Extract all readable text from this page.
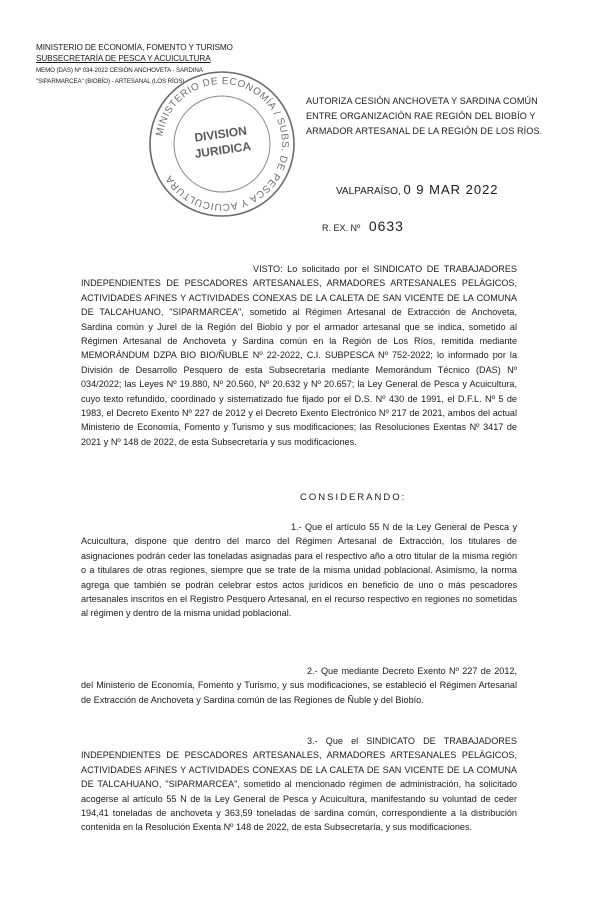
MINISTERIO DE ECONOMÍA, FOMENTO Y TURISMO
SUBSECRETARÍA DE PESCA Y ACUICULTURA
MEMO (DAS) Nº 034-2022 CESIÓN ANCHOVETA - SARDINA
"SIPARMARCEA" (BIOBÍO) - ARTESANAL (LOS RÍOS)
MINISTERIO DE ECONOMÍA / SUBS. DE PESCA Y ACUICULTURA
DIVISION
JURIDICA
AUTORIZA CESIÓN ANCHOVETA Y SARDINA COMÚN ENTRE ORGANIZACIÓN RAE REGIÓN DEL BIOBÍO Y ARMADOR ARTESANAL DE LA REGIÓN DE LOS RÍOS.
VALPARAÍSO, 0 9 MAR 2022
R. EX. Nº 0633
VISTO: Lo solicitado por el SINDICATO DE TRABAJADORES INDEPENDIENTES DE PESCADORES ARTESANALES, ARMADORES ARTESANALES PELÁGICOS, ACTIVIDADES AFINES Y ACTIVIDADES CONEXAS DE LA CALETA DE SAN VICENTE DE LA COMUNA DE TALCAHUANO, "SIPARMARCEA", sometido al Régimen Artesanal de Extracción de Anchoveta, Sardina común y Jurel de la Región del Biobío y por el armador artesanal que se indica, sometido al Régimen Artesanal de Anchoveta y Sardina común en la Región de Los Ríos, remitida mediante MEMORÁNDUM DZPA BIO BIO/ÑUBLE Nº 22-2022, C.I. SUBPESCA Nº 752-2022; lo informado por la División de Desarrollo Pesquero de esta Subsecretaría mediante Memorándum Técnico (DAS) Nº 034/2022; las Leyes Nº 19.880, Nº 20.560, Nº 20.632 y Nº 20.657; la Ley General de Pesca y Acuicultura, cuyo texto refundido, coordinado y sistematizado fue fijado por el D.S. Nº 430 de 1991, el D.F.L. Nº 5 de 1983, el Decreto Exento Nº 227 de 2012 y el Decreto Exento Electrónico Nº 217 de 2021, ambos del actual Ministerio de Economía, Fomento y Turismo y sus modificaciones; las Resoluciones Exentas Nº 3417 de 2021 y Nº 148 de 2022, de esta Subsecretaría y sus modificaciones.
CONSIDERANDO:
1.- Que el artículo 55 N de la Ley General de Pesca y Acuicultura, dispone que dentro del marco del Régimen Artesanal de Extracción, los titulares de asignaciones podrán ceder las toneladas asignadas para el respectivo año a otro titular de la misma región o a titulares de otras regiones, siempre que se trate de la misma unidad poblacional. Asimismo, la norma agrega que también se podrán celebrar estos actos jurídicos en beneficio de uno o más pescadores artesanales inscritos en el Registro Pesquero Artesanal, en el recurso respectivo en regiones no sometidas al régimen y dentro de la misma unidad poblacional.
2.- Que mediante Decreto Exento Nº 227 de 2012, del Ministerio de Economía, Fomento y Turismo, y sus modificaciones, se estableció el Régimen Artesanal de Extracción de Anchoveta y Sardina común de las Regiones de Ñuble y del Biobío.
3.- Que el SINDICATO DE TRABAJADORES INDEPENDIENTES DE PESCADORES ARTESANALES, ARMADORES ARTESANALES PELÁGICOS, ACTIVIDADES AFINES Y ACTIVIDADES CONEXAS DE LA CALETA DE SAN VICENTE DE LA COMUNA DE TALCAHUANO, "SIPARMARCEA", sometido al mencionado régimen de administración, ha solicitado acogerse al artículo 55 N de la Ley General de Pesca y Acuicultura, manifestando su voluntad de ceder 194,41 toneladas de anchoveta y 363,59 toneladas de sardina común, correspondiente a la distribución contenida en la Resolución Exenta Nº 148 de 2022, de esta Subsecretaría, y sus modificaciones.
